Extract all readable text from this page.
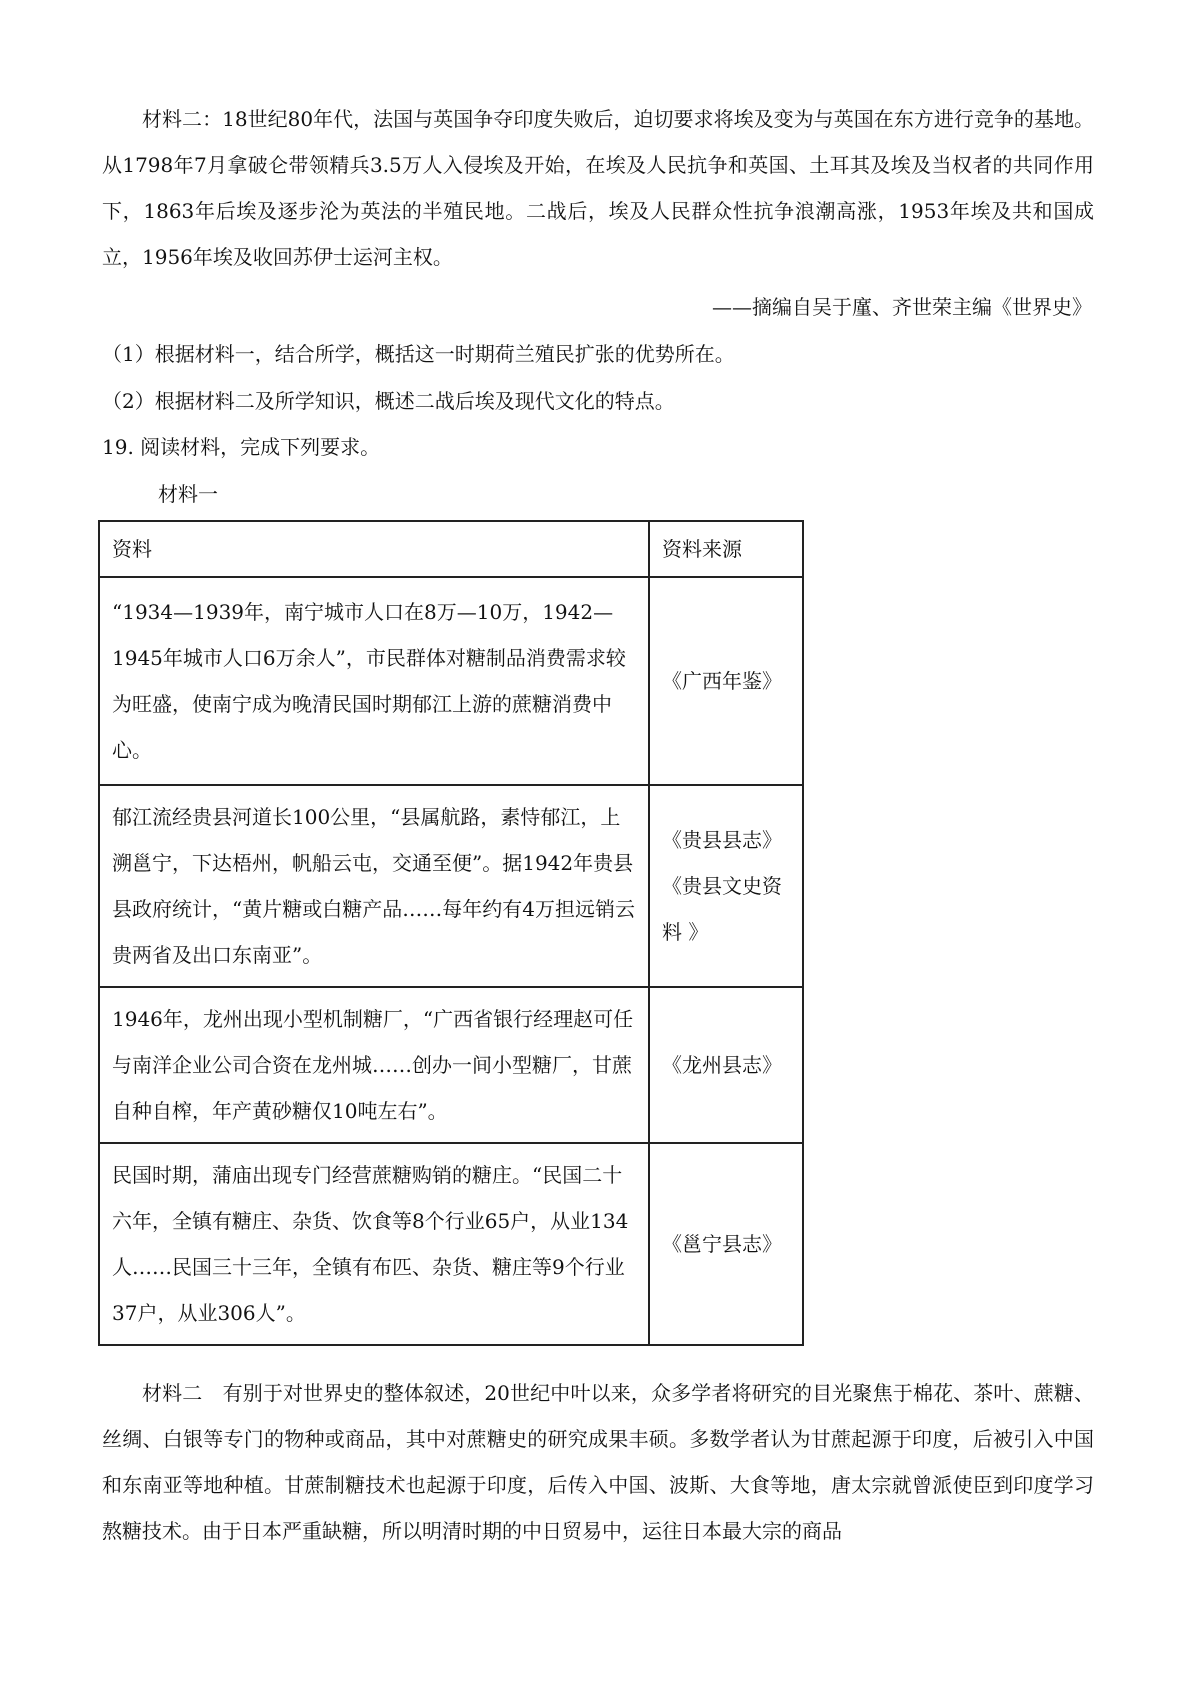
材料二：18世纪80年代，法国与英国争夺印度失败后，迫切要求将埃及变为与英国在东方进行竞争的基地。从1798年7月拿破仑带领精兵3.5万人入侵埃及开始，在埃及人民抗争和英国、土耳其及埃及当权者的共同作用下，1863年后埃及逐步沦为英法的半殖民地。二战后，埃及人民群众性抗争浪潮高涨，1953年埃及共和国成立，1956年埃及收回苏伊士运河主权。

——摘编自吴于廑、齐世荣主编《世界史》

（1）根据材料一，结合所学，概括这一时期荷兰殖民扩张的优势所在。

（2）根据材料二及所学知识，概述二战后埃及现代文化的特点。

19. 阅读材料，完成下列要求。

材料一

资料	资料来源
“1934—1939年，南宁城市人口在8万—10万，1942—1945年城市人口6万余人”，市民群体对糖制品消费需求较为旺盛，使南宁成为晚清民国时期郁江上游的蔗糖消费中心。	《广西年鉴》
郁江流经贵县河道长100公里，“县属航路，素恃郁江，上溯邕宁，下达梧州，帆船云屯，交通至便”。据1942年贵县县政府统计，“黄片糖或白糖产品……每年约有4万担远销云贵两省及出口东南亚”。	《贵县县志》《贵县文史资料 》
1946年，龙州出现小型机制糖厂，“广西省银行经理赵可任与南洋企业公司合资在龙州城……创办一间小型糖厂，甘蔗自种自榨，年产黄砂糖仅10吨左右”。	《龙州县志》
民国时期，蒲庙出现专门经营蔗糖购销的糖庄。“民国二十六年，全镇有糖庄、杂货、饮食等8个行业65户，从业134人……民国三十三年，全镇有布匹、杂货、糖庄等9个行业37户，从业306人”。	《邕宁县志》

材料二　有别于对世界史的整体叙述，20世纪中叶以来，众多学者将研究的目光聚焦于棉花、茶叶、蔗糖、丝绸、白银等专门的物种或商品，其中对蔗糖史的研究成果丰硕。多数学者认为甘蔗起源于印度，后被引入中国和东南亚等地种植。甘蔗制糖技术也起源于印度，后传入中国、波斯、大食等地，唐太宗就曾派使臣到印度学习熬糖技术。由于日本严重缺糖，所以明清时期的中日贸易中，运往日本最大宗的商品
